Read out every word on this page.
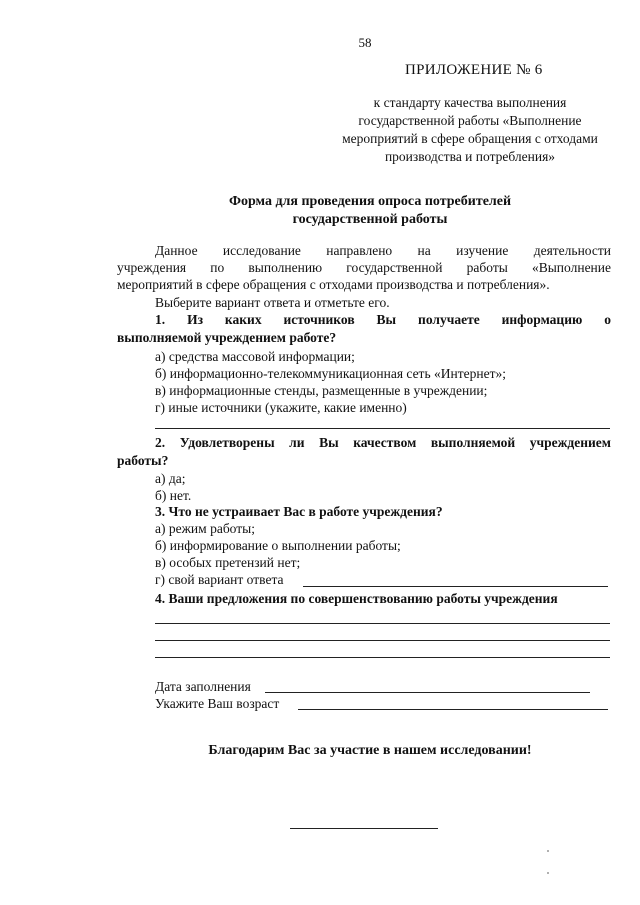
58
ПРИЛОЖЕНИЕ № 6
к стандарту качества выполнения
государственной работы «Выполнение
мероприятий в сфере обращения с отходами
производства и потребления»
Форма для проведения опроса потребителей
государственной работы
Данное исследование направлено на изучение деятельности
учреждения по выполнению государственной работы «Выполнение
мероприятий в сфере обращения с отходами производства и потребления».
Выберите вариант ответа и отметьте его.
1. Из каких источников Вы получаете информацию о
выполняемой учреждением работе?
а) средства массовой информации;
б) информационно-телекоммуникационная сеть «Интернет»;
в) информационные стенды, размещенные в учреждении;
г) иные источники (укажите, какие именно)
2. Удовлетворены ли Вы качеством выполняемой учреждением
работы?
а) да;
б) нет.
3. Что не устраивает Вас в работе учреждения?
а) режим работы;
б) информирование о выполнении работы;
в) особых претензий нет;
г) свой вариант ответа
4. Ваши предложения по совершенствованию работы учреждения
Дата заполнения
Укажите Ваш возраст
Благодарим Вас за участие в нашем исследовании!
